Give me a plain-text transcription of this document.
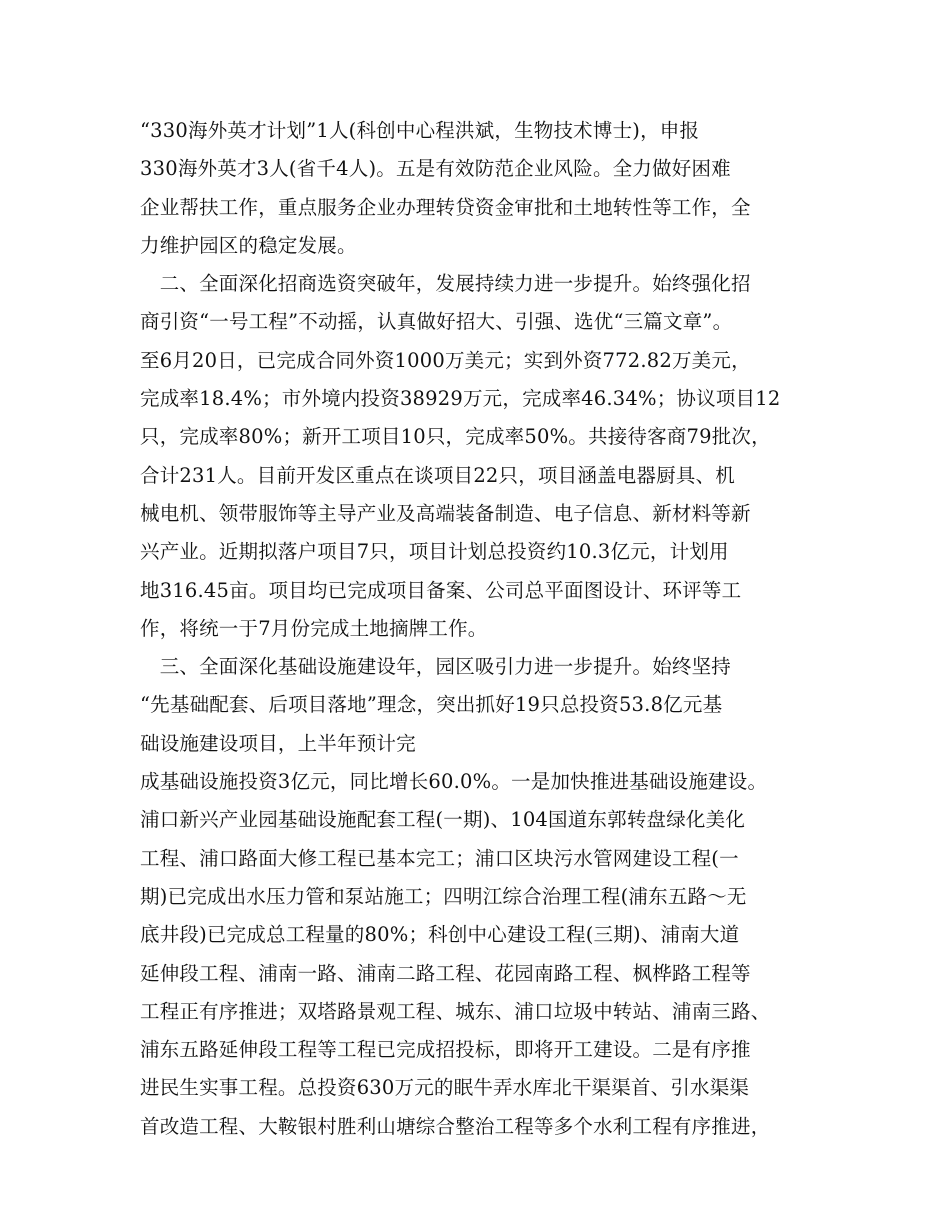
“330海外英才计划”1人(科创中心程洪斌，生物技术博士)，申报
330海外英才3人(省千4人)。五是有效防范企业风险。全力做好困难
企业帮扶工作，重点服务企业办理转贷资金审批和土地转性等工作，全
力维护园区的稳定发展。
　二、全面深化招商选资突破年，发展持续力进一步提升。始终强化招
商引资“一号工程”不动摇，认真做好招大、引强、选优“三篇文章”。
至6月20日，已完成合同外资1000万美元；实到外资772.82万美元，
完成率18.4%；市外境内投资38929万元，完成率46.34%；协议项目12
只，完成率80%；新开工项目10只，完成率50%。共接待客商79批次，
合计231人。目前开发区重点在谈项目22只，项目涵盖电器厨具、机
械电机、领带服饰等主导产业及高端装备制造、电子信息、新材料等新
兴产业。近期拟落户项目7只，项目计划总投资约10.3亿元，计划用
地316.45亩。项目均已完成项目备案、公司总平面图设计、环评等工
作，将统一于7月份完成土地摘牌工作。
　三、全面深化基础设施建设年，园区吸引力进一步提升。始终坚持
“先基础配套、后项目落地”理念，突出抓好19只总投资53.8亿元基
础设施建设项目，上半年预计完
成基础设施投资3亿元，同比增长60.0%。一是加快推进基础设施建设。
浦口新兴产业园基础设施配套工程(一期)、104国道东郭转盘绿化美化
工程、浦口路面大修工程已基本完工；浦口区块污水管网建设工程(一
期)已完成出水压力管和泵站施工；四明江综合治理工程(浦东五路～无
底井段)已完成总工程量的80%；科创中心建设工程(三期)、浦南大道
延伸段工程、浦南一路、浦南二路工程、花园南路工程、枫桦路工程等
工程正有序推进；双塔路景观工程、城东、浦口垃圾中转站、浦南三路、
浦东五路延伸段工程等工程已完成招投标，即将开工建设。二是有序推
进民生实事工程。总投资630万元的眠牛弄水库北干渠渠首、引水渠渠
首改造工程、大鞍银村胜利山塘综合整治工程等多个水利工程有序推进，
